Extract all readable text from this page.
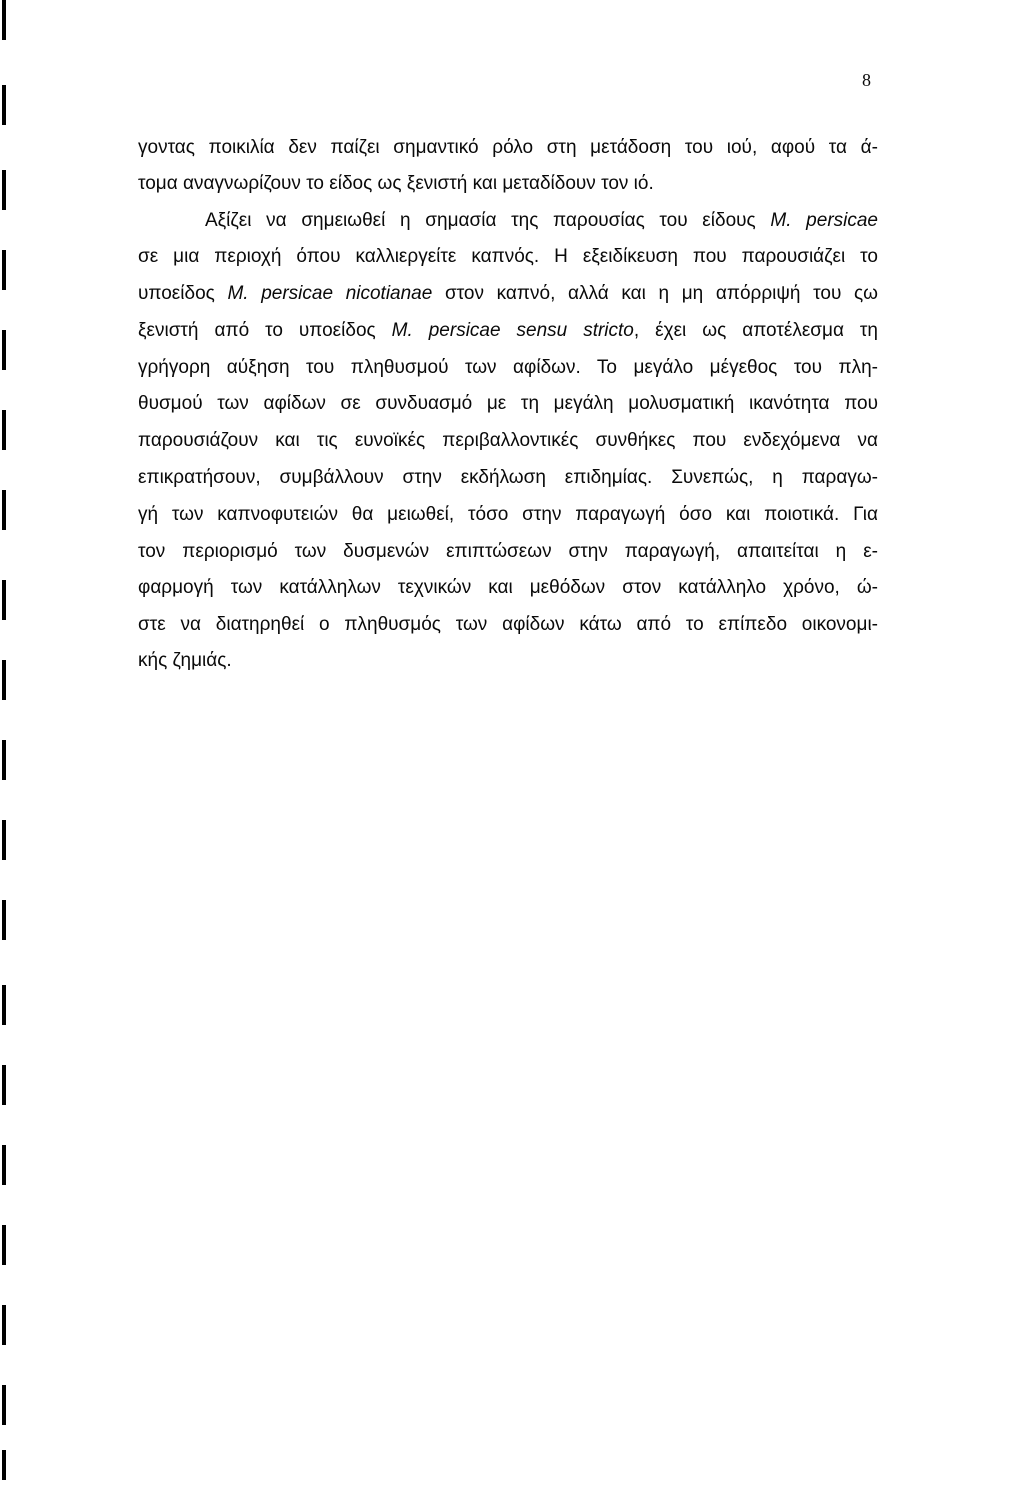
8
γοντας ποικιλία δεν παίζει σημαντικό ρόλο στη μετάδοση του ιού, αφού τα ά-
τομα αναγνωρίζουν το είδος ως ξενιστή και μεταδίδουν τον ιό.
Αξίζει να σημειωθεί η σημασία της παρουσίας του είδους M. persicae
σε μια περιοχή όπου καλλιεργείτε καπνός. Η εξειδίκευση που παρουσιάζει το
υποείδος M. persicae nicotianae στον καπνό, αλλά και η μη απόρριψή του ςω
ξενιστή από το υποείδος M. persicae sensu stricto, έχει ως αποτέλεσμα τη
γρήγορη αύξηση του πληθυσμού των αφίδων. Το μεγάλο μέγεθος του πλη-
θυσμού των αφίδων σε συνδυασμό με τη μεγάλη μολυσματική ικανότητα που
παρουσιάζουν και τις ευνοϊκές περιβαλλοντικές συνθήκες που ενδεχόμενα να
επικρατήσουν, συμβάλλουν στην εκδήλωση επιδημίας. Συνεπώς, η παραγω-
γή των καπνοφυτειών θα μειωθεί, τόσο στην παραγωγή όσο και ποιοτικά. Για
τον περιορισμό των δυσμενών επιπτώσεων στην παραγωγή, απαιτείται η ε-
φαρμογή των κατάλληλων τεχνικών και μεθόδων στον κατάλληλο χρόνο, ώ-
στε να διατηρηθεί ο πληθυσμός των αφίδων κάτω από το επίπεδο οικονομι-
κής ζημιάς.
